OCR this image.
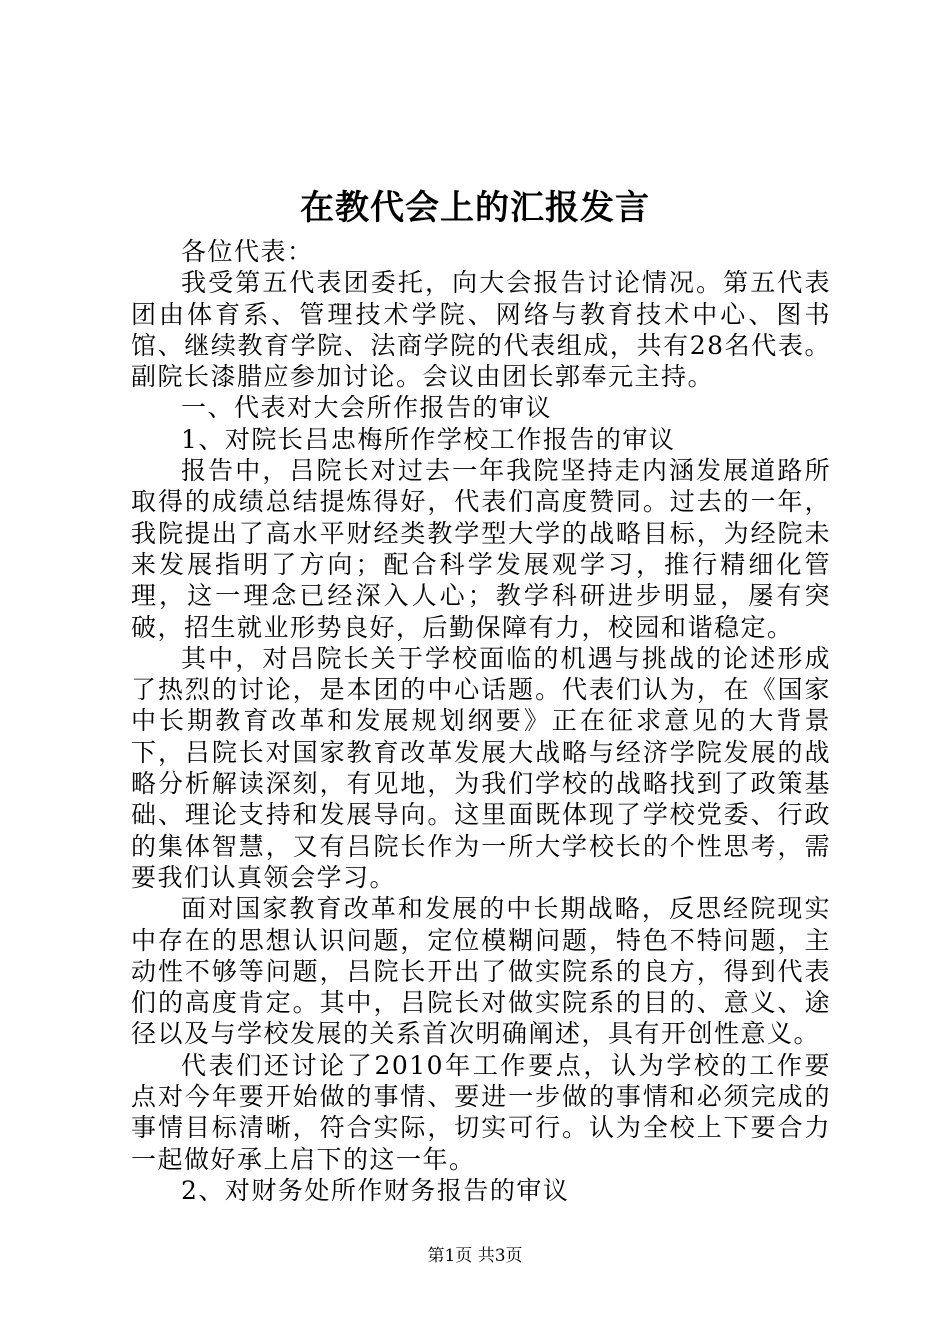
在教代会上的汇报发言

各位代表：

我受第五代表团委托，向大会报告讨论情况。第五代表团由体育系、管理技术学院、网络与教育技术中心、图书馆、继续教育学院、法商学院的代表组成，共有28名代表。副院长漆腊应参加讨论。会议由团长郭奉元主持。

一、代表对大会所作报告的审议

1、对院长吕忠梅所作学校工作报告的审议

报告中，吕院长对过去一年我院坚持走内涵发展道路所取得的成绩总结提炼得好，代表们高度赞同。过去的一年，我院提出了高水平财经类教学型大学的战略目标，为经院未来发展指明了方向；配合科学发展观学习，推行精细化管理，这一理念已经深入人心；教学科研进步明显，屡有突破，招生就业形势良好，后勤保障有力，校园和谐稳定。

其中，对吕院长关于学校面临的机遇与挑战的论述形成了热烈的讨论，是本团的中心话题。代表们认为，在《国家中长期教育改革和发展规划纲要》正在征求意见的大背景下，吕院长对国家教育改革发展大战略与经济学院发展的战略分析解读深刻，有见地，为我们学校的战略找到了政策基础、理论支持和发展导向。这里面既体现了学校党委、行政的集体智慧，又有吕院长作为一所大学校长的个性思考，需要我们认真领会学习。

面对国家教育改革和发展的中长期战略，反思经院现实中存在的思想认识问题，定位模糊问题，特色不特问题，主动性不够等问题，吕院长开出了做实院系的良方，得到代表们的高度肯定。其中，吕院长对做实院系的目的、意义、途径以及与学校发展的关系首次明确阐述，具有开创性意义。

代表们还讨论了2010年工作要点，认为学校的工作要点对今年要开始做的事情、要进一步做的事情和必须完成的事情目标清晰，符合实际，切实可行。认为全校上下要合力一起做好承上启下的这一年。

2、对财务处所作财务报告的审议

第1页 共3页
